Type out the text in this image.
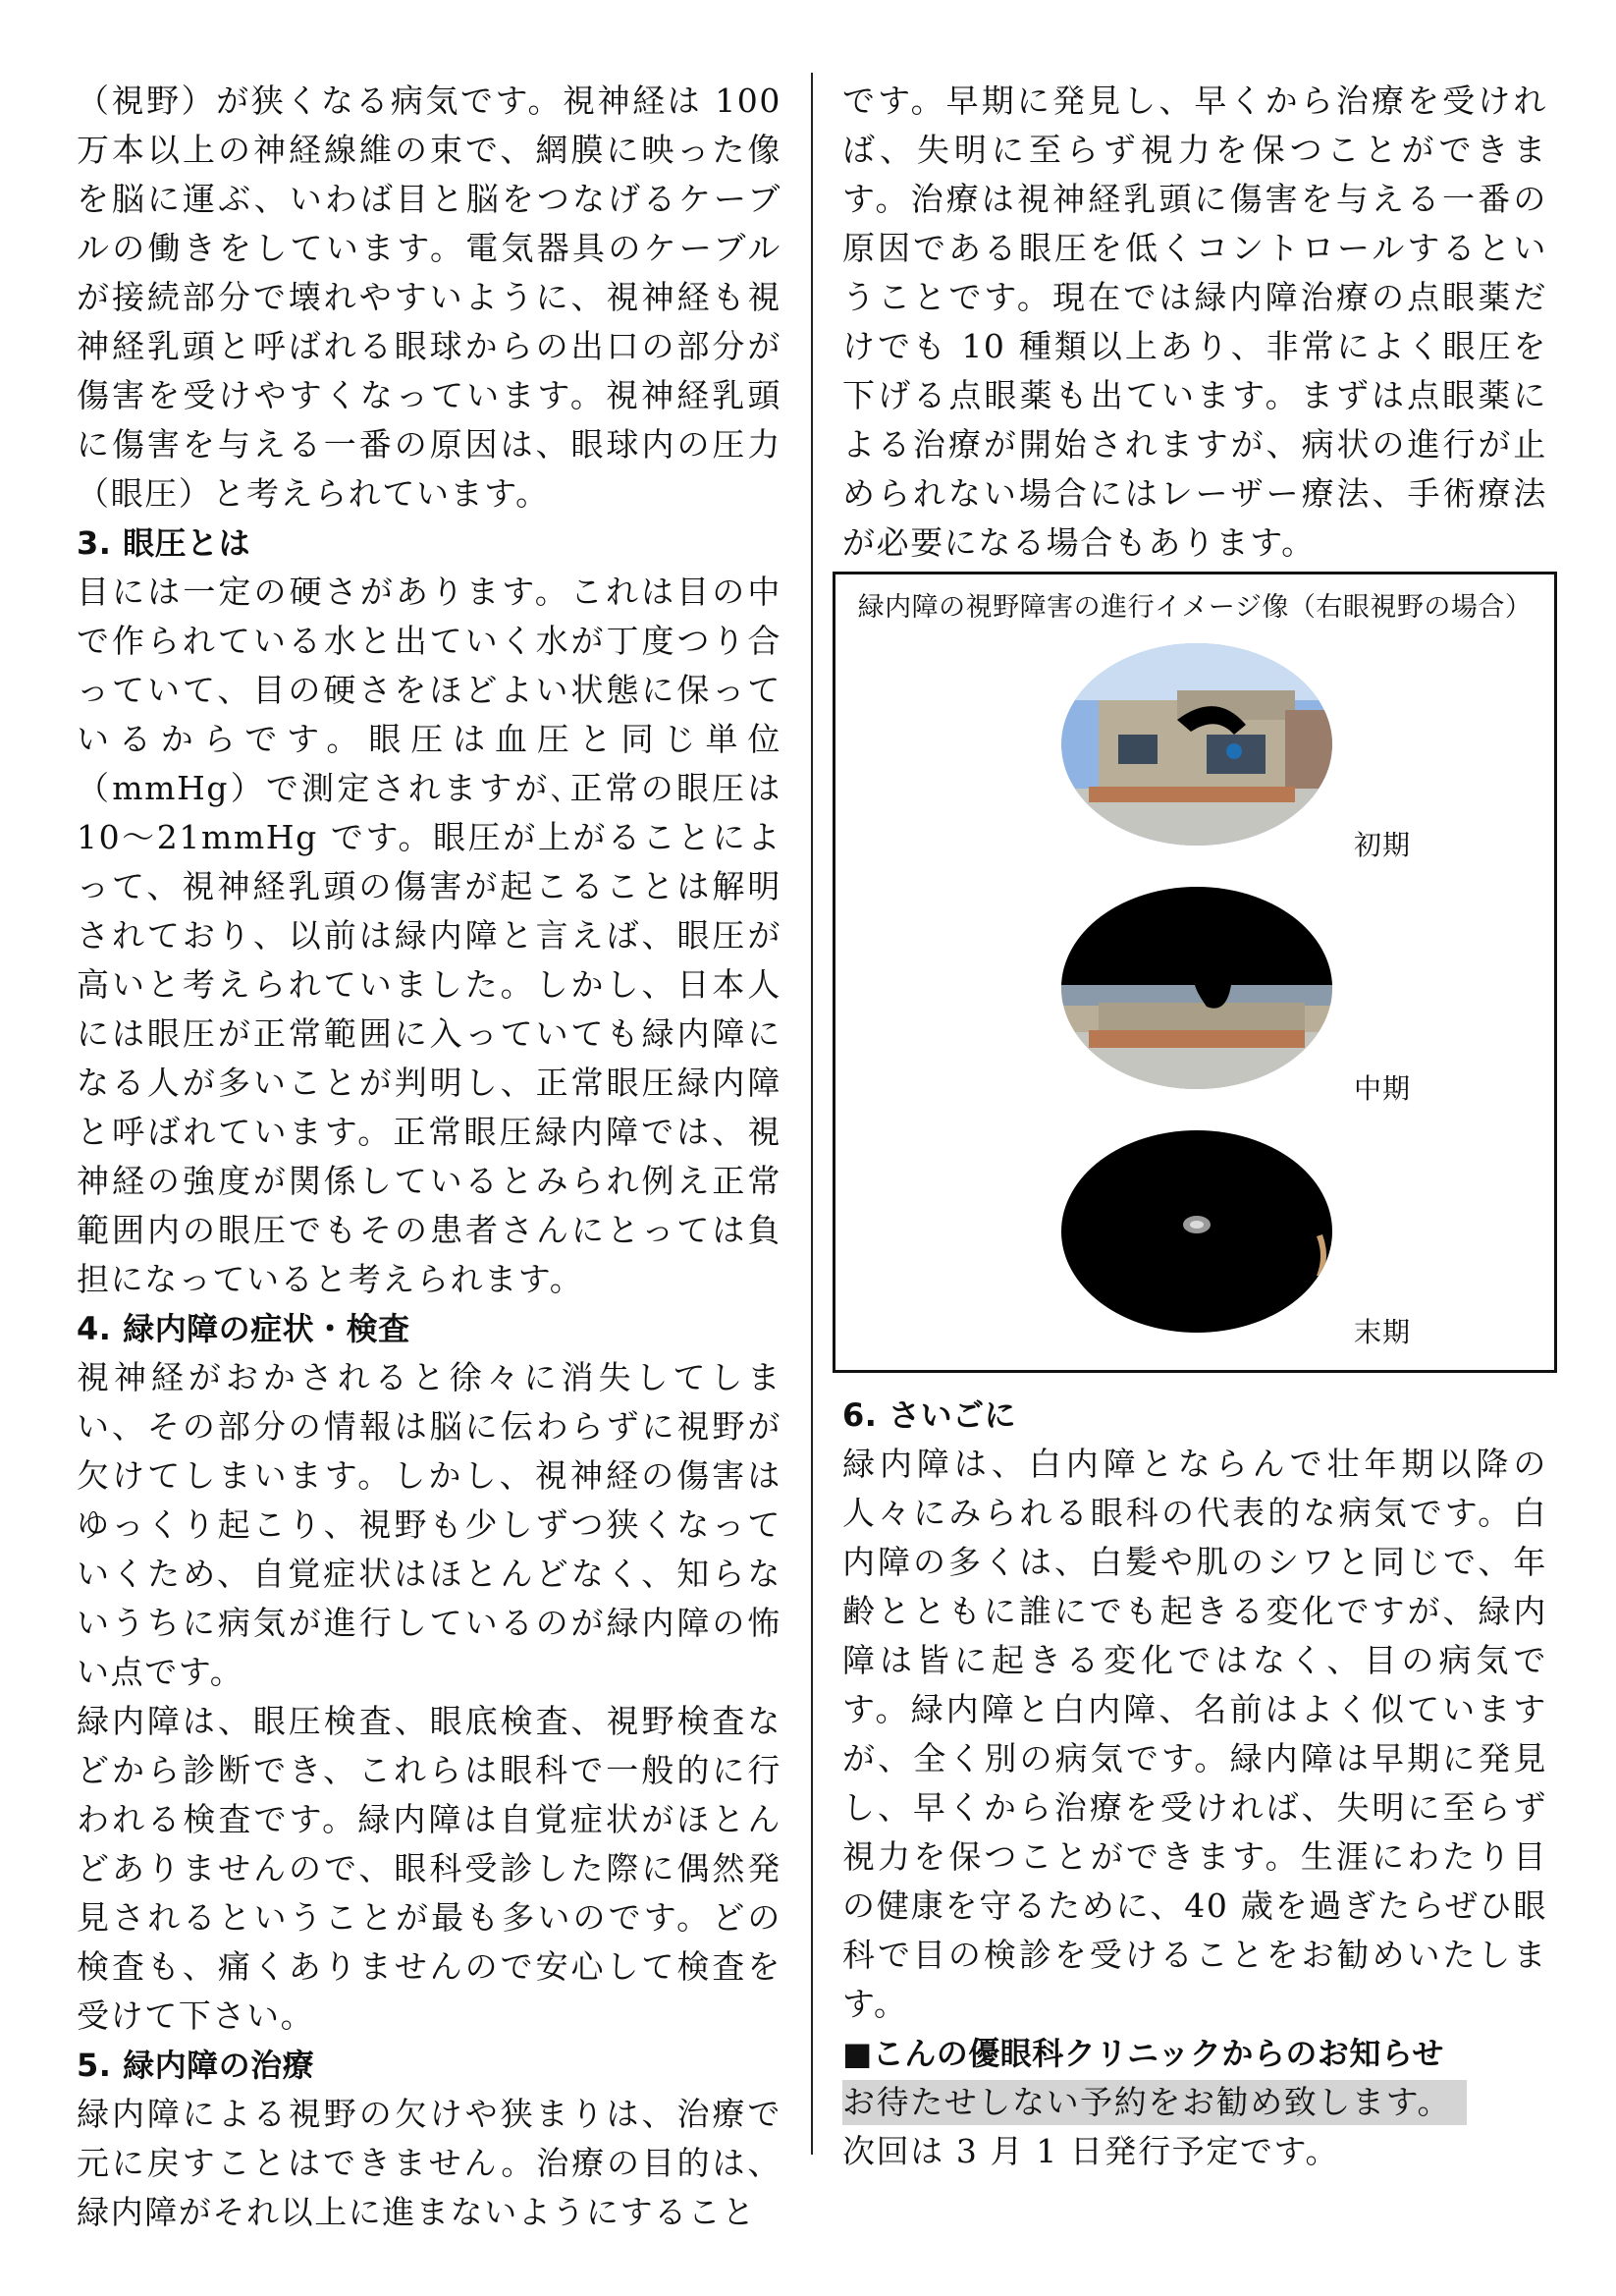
（視野）が狭くなる病気です。視神経は 100 万本以上の神経線維の束で、網膜に映った像を脳に運ぶ、いわば目と脳をつなげるケーブルの働きをしています。電気器具のケーブルが接続部分で壊れやすいように、視神経も視神経乳頭と呼ばれる眼球からの出口の部分が傷害を受けやすくなっています。視神経乳頭に傷害を与える一番の原因は、眼球内の圧力（眼圧）と考えられています。

3. 眼圧とは

目には一定の硬さがあります。これは目の中で作られている水と出ていく水が丁度つり合っていて、目の硬さをほどよい状態に保っているからです。眼圧は血圧と同じ単位（mmHg）で測定されますが､正常の眼圧は 10～21mmHg です。眼圧が上がることによって、視神経乳頭の傷害が起こることは解明されており、以前は緑内障と言えば、眼圧が高いと考えられていました。しかし、日本人には眼圧が正常範囲に入っていても緑内障になる人が多いことが判明し、正常眼圧緑内障と呼ばれています。正常眼圧緑内障では、視神経の強度が関係しているとみられ例え正常範囲内の眼圧でもその患者さんにとっては負担になっていると考えられます。

4. 緑内障の症状・検査

視神経がおかされると徐々に消失してしまい、その部分の情報は脳に伝わらずに視野が欠けてしまいます。しかし、視神経の傷害はゆっくり起こり、視野も少しずつ狭くなっていくため、自覚症状はほとんどなく、知らないうちに病気が進行しているのが緑内障の怖い点です。

緑内障は、眼圧検査、眼底検査、視野検査などから診断でき、これらは眼科で一般的に行われる検査です。緑内障は自覚症状がほとんどありませんので、眼科受診した際に偶然発見されるということが最も多いのです。どの検査も、痛くありませんので安心して検査を受けて下さい。

5. 緑内障の治療

緑内障による視野の欠けや狭まりは、治療で元に戻すことはできません。治療の目的は、緑内障がそれ以上に進まないようにすること

です。早期に発見し、早くから治療を受ければ、失明に至らず視力を保つことができます。治療は視神経乳頭に傷害を与える一番の原因である眼圧を低くコントロールするということです。現在では緑内障治療の点眼薬だけでも 10 種類以上あり、非常によく眼圧を下げる点眼薬も出ています。まずは点眼薬による治療が開始されますが、病状の進行が止められない場合にはレーザー療法、手術療法が必要になる場合もあります。

緑内障の視野障害の進行イメージ像（右眼視野の場合）

初期
中期
末期
6. さいごに

緑内障は、白内障とならんで壮年期以降の人々にみられる眼科の代表的な病気です。白内障の多くは、白髪や肌のシワと同じで、年齢とともに誰にでも起きる変化ですが、緑内障は皆に起きる変化ではなく、目の病気です。緑内障と白内障、名前はよく似ていますが、全く別の病気です。緑内障は早期に発見し、早くから治療を受ければ、失明に至らず視力を保つことができます。生涯にわたり目の健康を守るために、40 歳を過ぎたらぜひ眼科で目の検診を受けることをお勧めいたします。

■こんの優眼科クリニックからのお知らせ

お待たせしない予約をお勧め致します。

次回は 3 月 1 日発行予定です。
